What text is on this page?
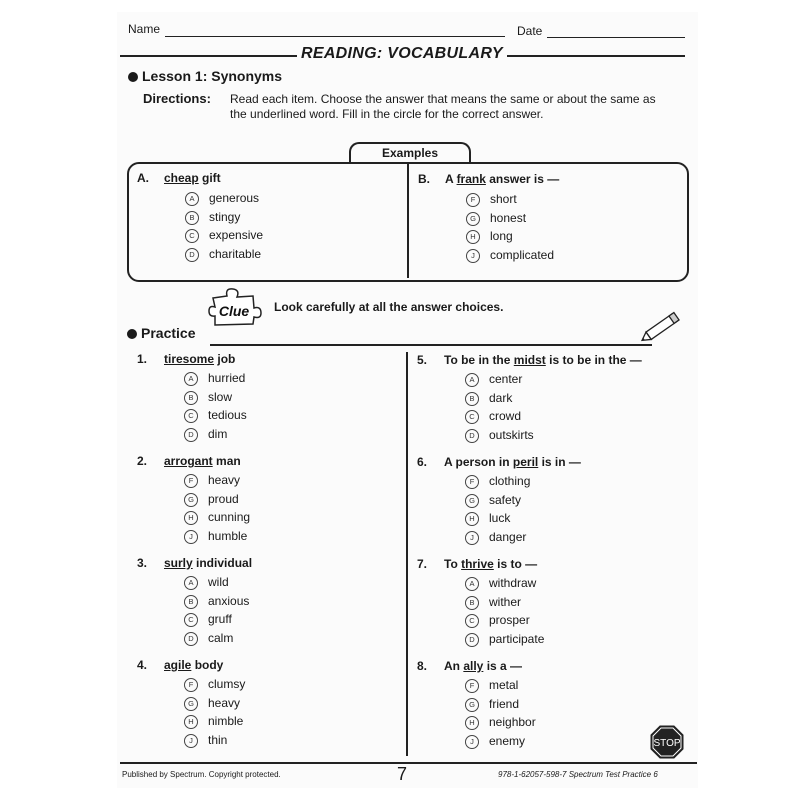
Name	Date
READING: VOCABULARY
Lesson 1: Synonyms
Directions: Read each item. Choose the answer that means the same or about the same as
the underlined word. Fill in the circle for the correct answer.
Examples
A. cheap gift
A generous
B stingy
C expensive
D charitable
B. A frank answer is —
F short
G honest
H long
J complicated
Clue Look carefully at all the answer choices.
Practice
1. tiresome job
A hurried
B slow
C tedious
D dim
2. arrogant man
F heavy
G proud
H cunning
J humble
3. surly individual
A wild
B anxious
C gruff
D calm
4. agile body
F clumsy
G heavy
H nimble
J thin
5. To be in the midst is to be in the —
A center
B dark
C crowd
D outskirts
6. A person in peril is in —
F clothing
G safety
H luck
J danger
7. To thrive is to —
A withdraw
B wither
C prosper
D participate
8. An ally is a —
F metal
G friend
H neighbor
J enemy	STOP
Published by Spectrum. Copyright protected.	7	978-1-62057-598-7 Spectrum Test Practice 6
